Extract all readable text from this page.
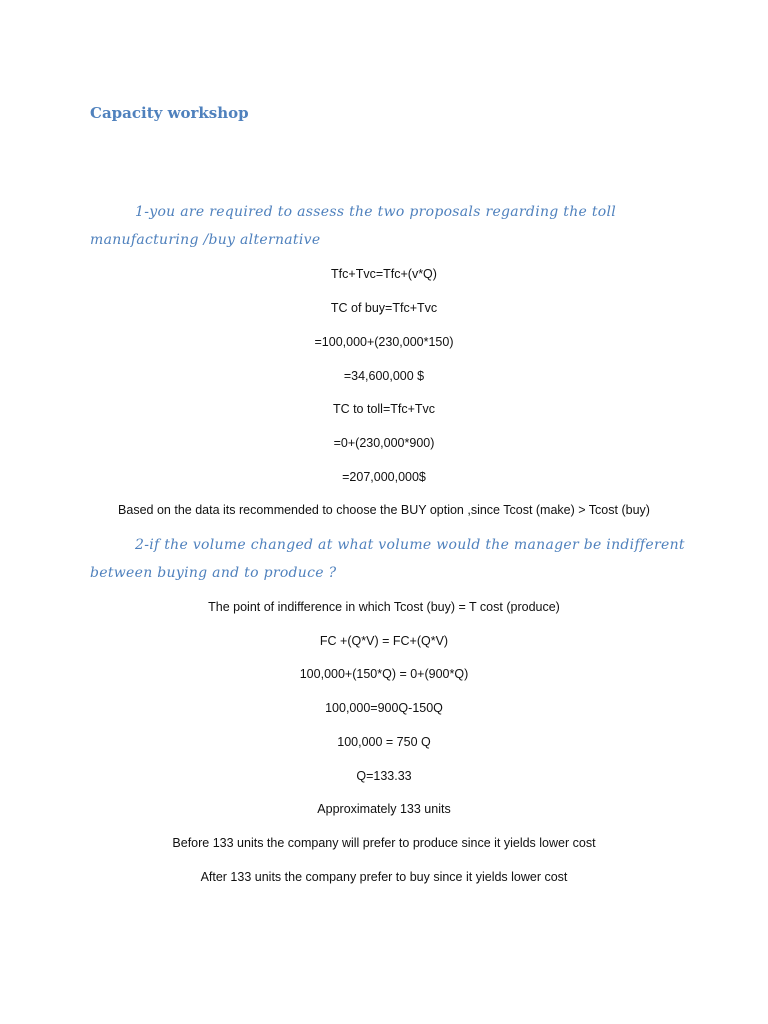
Capacity workshop
1-you are required to assess the two proposals regarding the toll manufacturing /buy alternative
Tfc+Tvc=Tfc+(v*Q)
TC of buy=Tfc+Tvc
=100,000+(230,000*150)
=34,600,000 $
TC to toll=Tfc+Tvc
=0+(230,000*900)
=207,000,000$
Based on the data its recommended to choose the BUY option ,since Tcost (make) > Tcost (buy)
2-if the volume changed at what volume would the manager be indifferent between buying and to produce ?
The point of indifference in which Tcost (buy) = T cost (produce)
FC +(Q*V) = FC+(Q*V)
100,000+(150*Q) = 0+(900*Q)
100,000=900Q-150Q
100,000 = 750 Q
Q=133.33
Approximately 133 units
Before 133 units the company will prefer to produce since it yields lower cost
After 133 units the company prefer to buy since it yields lower cost
